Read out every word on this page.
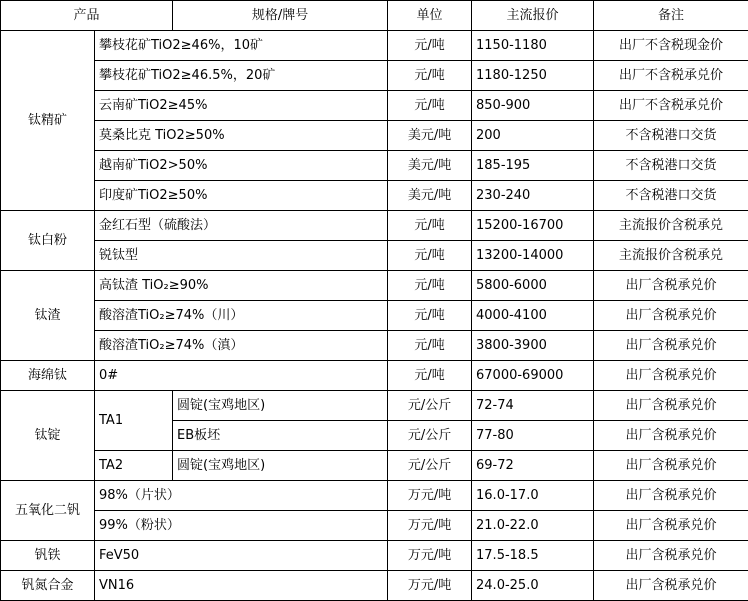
产品		规格/牌号	单位	主流报价	备注
钛精矿	攀枝花矿TiO2≥46%，10矿		元/吨	1150-1180	出厂不含税现金价
	攀枝花矿TiO2≥46.5%，20矿		元/吨	1180-1250	出厂不含税承兑价
	云南矿TiO2≥45%		元/吨	850-900	出厂不含税承兑价
	莫桑比克 TiO2≥50%		美元/吨	200	不含税港口交货
	越南矿TiO2>50%		美元/吨	185-195	不含税港口交货
	印度矿TiO2≥50%		美元/吨	230-240	不含税港口交货
钛白粉	金红石型（硫酸法）		元/吨	15200-16700	主流报价含税承兑
	锐钛型		元/吨	13200-14000	主流报价含税承兑
钛渣	高钛渣 TiO₂≥90%		元/吨	5800-6000	出厂含税承兑价
	酸溶渣TiO₂≥74%（川）		元/吨	4000-4100	出厂含税承兑价
	酸溶渣TiO₂≥74%（滇）		元/吨	3800-3900	出厂含税承兑价
海绵钛	0#		元/吨	67000-69000	出厂含税承兑价
钛锭	TA1	圆锭(宝鸡地区)	元/公斤	72-74	出厂含税承兑价
		EB板坯	元/公斤	77-80	出厂含税承兑价
	TA2	圆锭(宝鸡地区)	元/公斤	69-72	出厂含税承兑价
五氧化二钒	98%（片状）		万元/吨	16.0-17.0	出厂含税承兑价
	99%（粉状）		万元/吨	21.0-22.0	出厂含税承兑价
钒铁	FeV50		万元/吨	17.5-18.5	出厂含税承兑价
钒氮合金	VN16		万元/吨	24.0-25.0	出厂含税承兑价
